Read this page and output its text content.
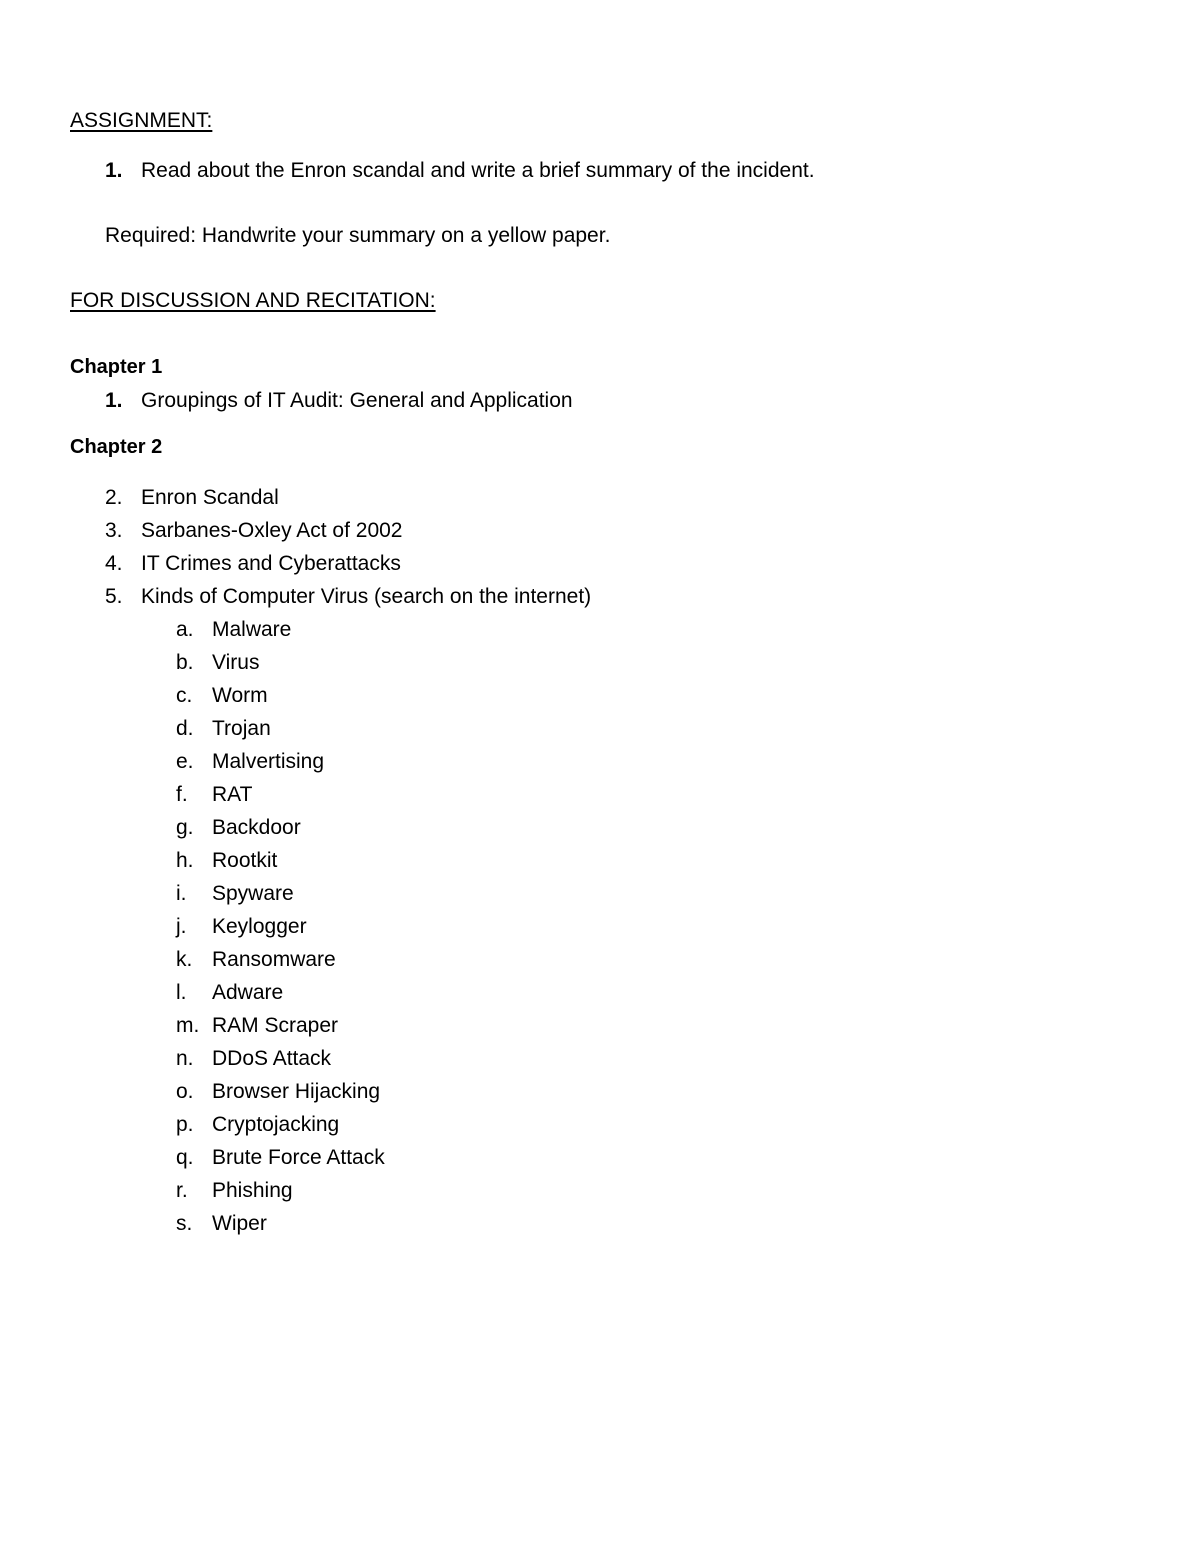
ASSIGNMENT:
1. Read about the Enron scandal and write a brief summary of the incident.
Required: Handwrite your summary on a yellow paper.
FOR DISCUSSION AND RECITATION:
Chapter 1
1. Groupings of IT Audit: General and Application
Chapter 2
2. Enron Scandal
3. Sarbanes-Oxley Act of 2002
4. IT Crimes and Cyberattacks
5. Kinds of Computer Virus (search on the internet)
a. Malware
b. Virus
c. Worm
d. Trojan
e. Malvertising
f. RAT
g. Backdoor
h. Rootkit
i. Spyware
j. Keylogger
k. Ransomware
l. Adware
m. RAM Scraper
n. DDoS Attack
o. Browser Hijacking
p. Cryptojacking
q. Brute Force Attack
r. Phishing
s. Wiper
